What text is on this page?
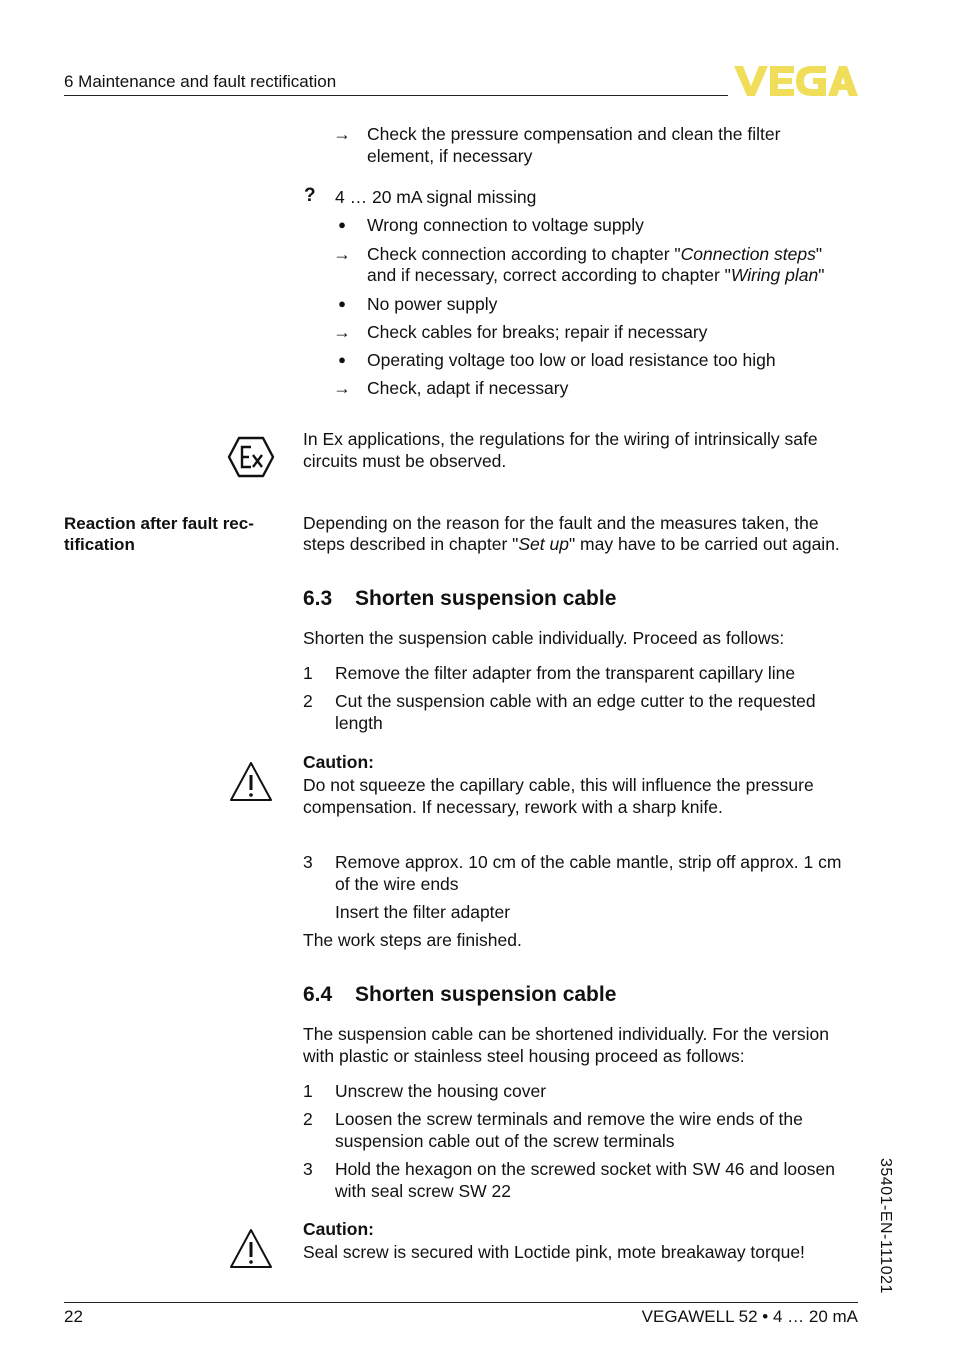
6 Maintenance and fault rectification
→ Check the pressure compensation and clean the filter
element, if necessary
? 4 … 20 mA signal missing
●	Wrong connection to voltage supply
→ Check connection according to chapter "Connection steps"
and if necessary, correct according to chapter "Wiring plan"
●	No power supply
→ Check cables for breaks; repair if necessary
●	Operating voltage too low or load resistance too high
→ Check, adapt if necessary
In Ex applications, the regulations for the wiring of intrinsically safe
circuits must be observed.
Reaction after fault rec-
tification
Depending on the reason for the fault and the measures taken, the
steps described in chapter "Set up" may have to be carried out again.
6.3 Shorten suspension cable
Shorten the suspension cable individually. Proceed as follows:
1	Remove the filter adapter from the transparent capillary line
2	Cut the suspension cable with an edge cutter to the requested
length
Caution:
Do not squeeze the capillary cable, this will influence the pressure
compensation. If necessary, rework with a sharp knife.
3	Remove approx. 10 cm of the cable mantle, strip off approx. 1 cm
of the wire ends
Insert the filter adapter
The work steps are finished.
6.4 Shorten suspension cable
The suspension cable can be shortened individually. For the version
with plastic or stainless steel housing proceed as follows:
1	Unscrew the housing cover
2	Loosen the screw terminals and remove the wire ends of the
suspension cable out of the screw terminals
3	Hold the hexagon on the screwed socket with SW 46 and loosen
with seal screw SW 22
Caution:
Seal screw is secured with Loctide pink, mote breakaway torque!	35401-EN-111021
22	VEGAWELL 52 • 4 … 20 mA
